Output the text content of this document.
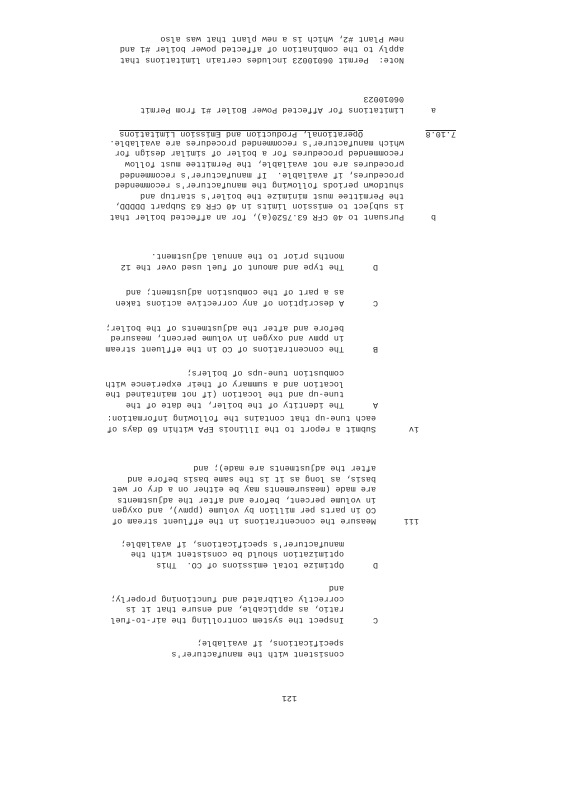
121
consistent with the manufacturer's
specifications, if available;
C
Inspect the system controlling the air-to-fuel
ratio, as applicable, and ensure that it is
correctly calibrated and functioning properly;
and
D
Optimize total emissions of CO.  This
optimization should be consistent with the
manufacturer's specifications, if available;
iii
Measure the concentrations in the effluent stream of
CO in parts per million by volume (ppmv), and oxygen
in volume percent, before and after the adjustments
are made (measurements may be either on a dry or wet
basis, as long as it is the same basis before and
after the adjustments are made); and
iv
Submit a report to the Illinois EPA within 60 days of
each tune-up that contains the following information:
A
The identity of the boiler, the date of the
tune-up and the location (if not maintained the
location and a summary of their experience with
combustion tune-ups of boilers;
B
The concentrations of CO in the effluent stream
in ppmv and oxygen in volume percent, measured
before and after the adjustments of the boiler;
C
A description of any corrective actions taken
as a part of the combustion adjustment; and
D
The type and amount of fuel used over the 12
months prior to the annual adjustment.
b
Pursuant to 40 CFR 63.7520(a), for an affected boiler that
is subject to emission limits in 40 CFR 63 Subpart DDDDD,
the Permittee must minimize the boiler's startup and
shutdown periods following the manufacturer's recommended
procedures, if available.  If manufacturer's recommended
procedures are not available, the Permittee must follow
recommended procedures for a boiler of similar design for
which manufacturer's recommended procedures are available.
7.10.8
Operational, Production and Emission Limitations
a
Limitations for Affected Power Boiler #1 from Permit
06010023
Note:  Permit 06010023 includes certain limitations that
apply to the combination of affected power boiler #1 and
new Plant #2, which is a new plant that was also
